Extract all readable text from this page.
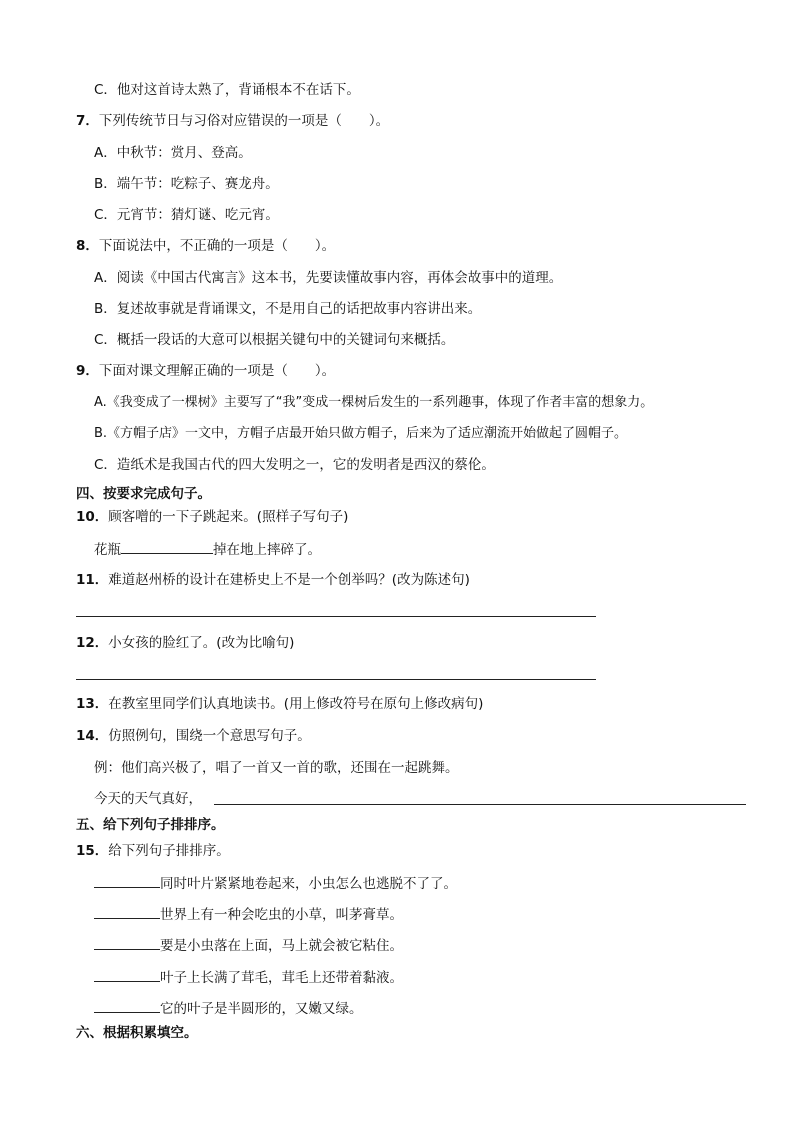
C．他对这首诗太熟了，背诵根本不在话下。
7．下列传统节日与习俗对应错误的一项是（　　）。
A．中秋节：赏月、登高。
B．端午节：吃粽子、赛龙舟。
C．元宵节：猜灯谜、吃元宵。
8．下面说法中，不正确的一项是（　　）。
A．阅读《中国古代寓言》这本书，先要读懂故事内容，再体会故事中的道理。
B．复述故事就是背诵课文，不是用自己的话把故事内容讲出来。
C．概括一段话的大意可以根据关键句中的关键词句来概括。
9．下面对课文理解正确的一项是（　　）。
A.《我变成了一棵树》主要写了“我”变成一棵树后发生的一系列趣事，体现了作者丰富的想象力。
B.《方帽子店》一文中，方帽子店最开始只做方帽子，后来为了适应潮流开始做起了圆帽子。
C．造纸术是我国古代的四大发明之一，它的发明者是西汉的蔡伦。
四、按要求完成句子。
10．顾客噌的一下子跳起来。(照样子写句子)
花瓶	掉在地上摔碎了。
11．难道赵州桥的设计在建桥史上不是一个创举吗？(改为陈述句)
12．小女孩的脸红了。(改为比喻句)
13．在教室里同学们认真地读书。(用上修改符号在原句上修改病句)
14．仿照例句，围绕一个意思写句子。
例：他们高兴极了，唱了一首又一首的歌，还围在一起跳舞。
今天的天气真好，
五、给下列句子排排序。
15．给下列句子排排序。
同时叶片紧紧地卷起来，小虫怎么也逃脱不了了。
世界上有一种会吃虫的小草，叫茅膏草。
要是小虫落在上面，马上就会被它粘住。
叶子上长满了茸毛，茸毛上还带着黏液。
它的叶子是半圆形的，又嫩又绿。
六、根据积累填空。
